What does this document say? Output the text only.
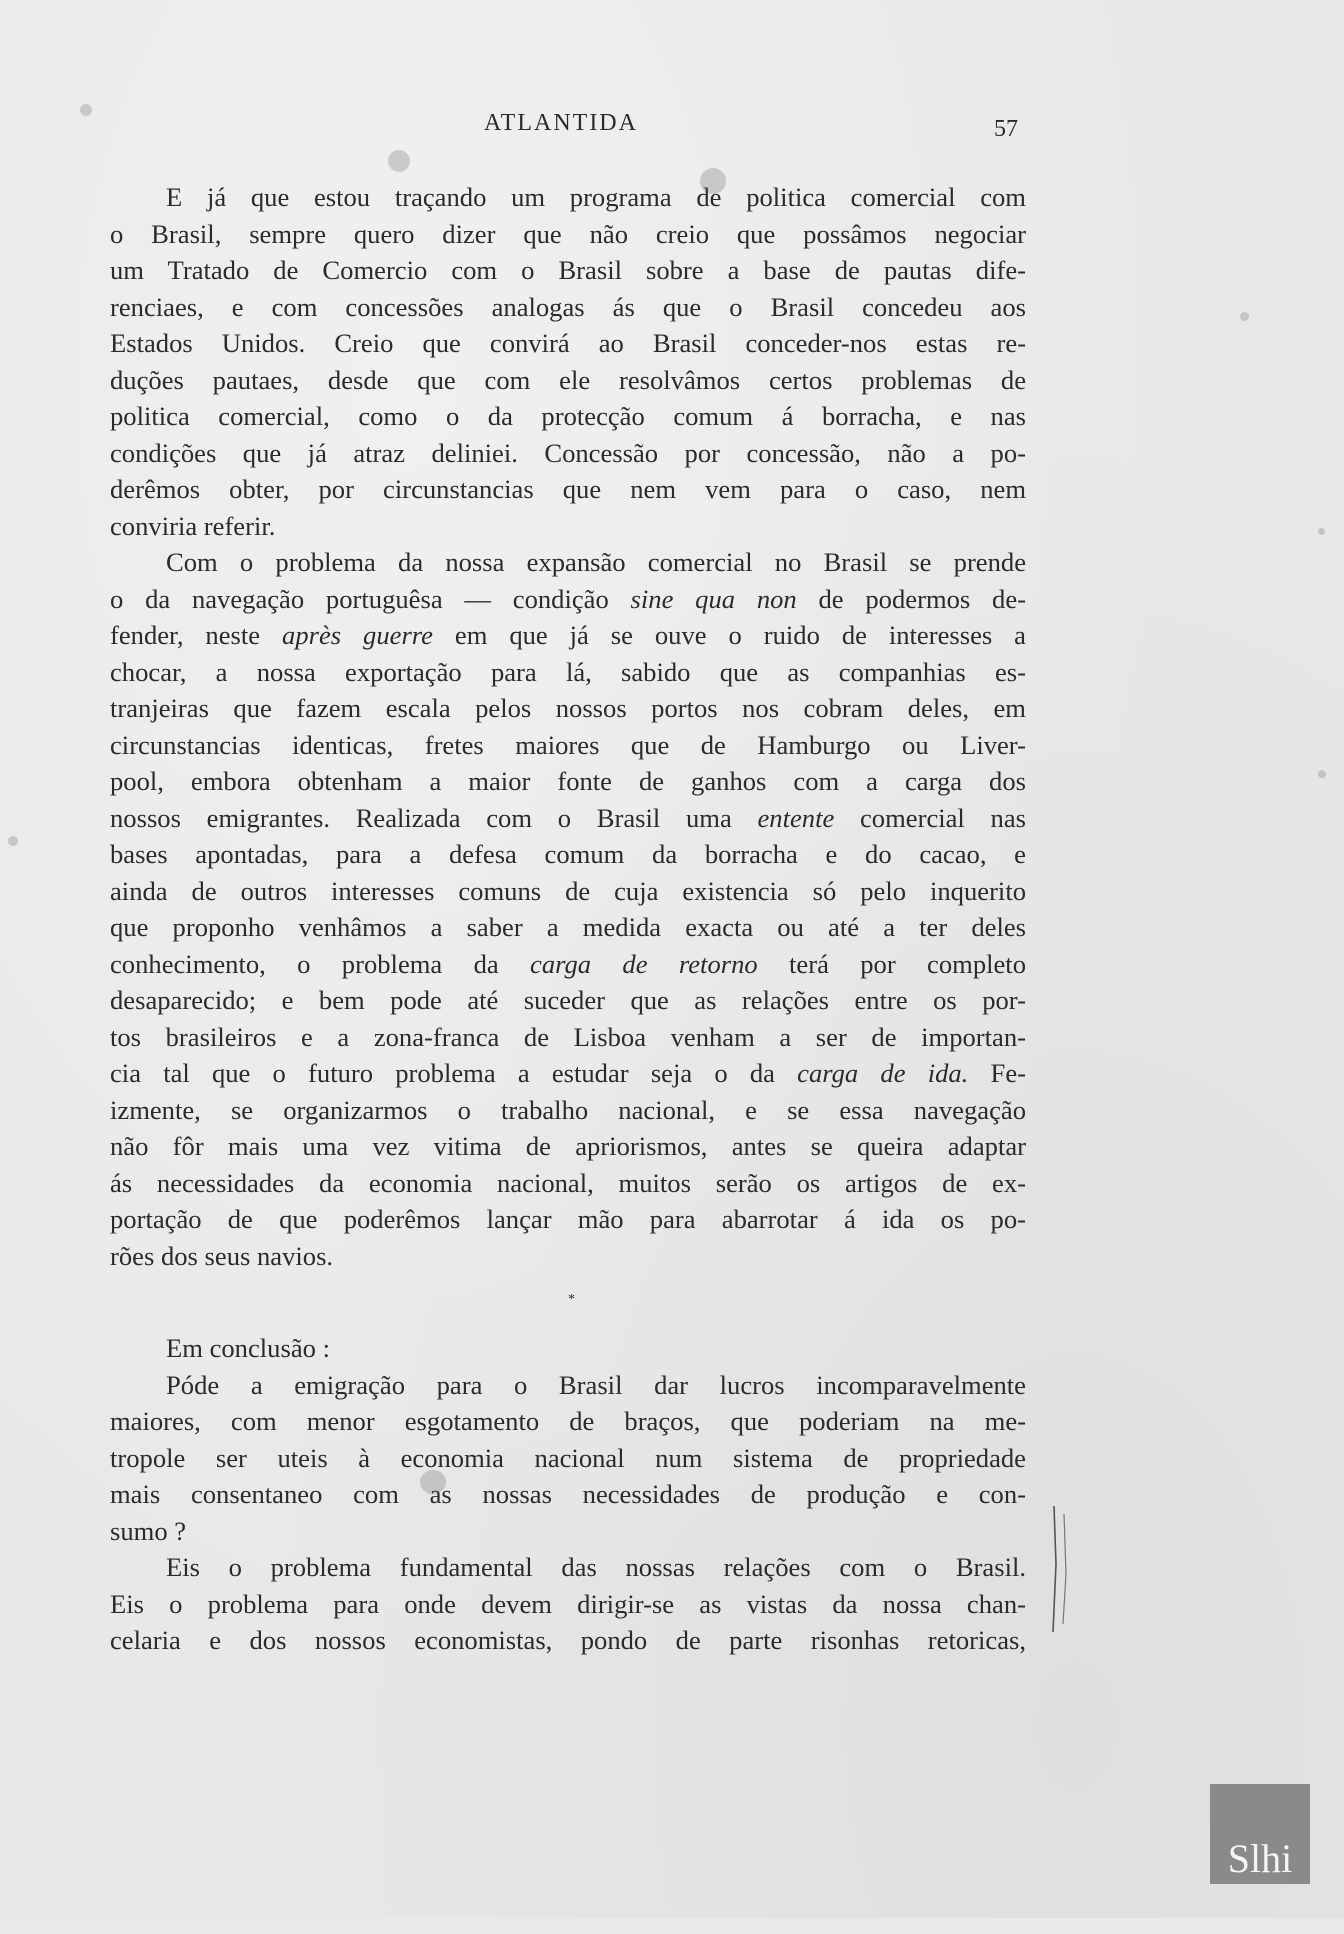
ATLANTIDA	57
E já que estou traçando um programa de politica comercial com
o Brasil, sempre quero dizer que não creio que possâmos negociar
um Tratado de Comercio com o Brasil sobre a base de pautas dife-
renciaes, e com concessões analogas ás que o Brasil concedeu aos
Estados Unidos. Creio que convirá ao Brasil conceder-nos estas re-
duções pautaes, desde que com ele resolvâmos certos problemas de
politica comercial, como o da protecção comum á borracha, e nas
condições que já atraz deliniei. Concessão por concessão, não a po-
derêmos obter, por circunstancias que nem vem para o caso, nem
conviria referir.
Com o problema da nossa expansão comercial no Brasil se prende
o da navegação portuguêsa — condição sine qua non de podermos de-
fender, neste après guerre em que já se ouve o ruido de interesses a
chocar, a nossa exportação para lá, sabido que as companhias es-
tranjeiras que fazem escala pelos nossos portos nos cobram deles, em
circunstancias identicas, fretes maiores que de Hamburgo ou Liver-
pool, embora obtenham a maior fonte de ganhos com a carga dos
nossos emigrantes. Realizada com o Brasil uma entente comercial nas
bases apontadas, para a defesa comum da borracha e do cacao, e
ainda de outros interesses comuns de cuja existencia só pelo inquerito
que proponho venhâmos a saber a medida exacta ou até a ter deles
conhecimento, o problema da carga de retorno terá por completo
desaparecido; e bem pode até suceder que as relações entre os por-
tos brasileiros e a zona-franca de Lisboa venham a ser de importan-
cia tal que o futuro problema a estudar seja o da carga de ida. Fe-
izmente, se organizarmos o trabalho nacional, e se essa navegação
não fôr mais uma vez vitima de apriorismos, antes se queira adaptar
ás necessidades da economia nacional, muitos serão os artigos de ex-
portação de que poderêmos lançar mão para abarrotar á ida os po-
rões dos seus navios.
*
Em conclusão :
Póde a emigração para o Brasil dar lucros incomparavelmente
maiores, com menor esgotamento de braços, que poderiam na me-
tropole ser uteis à economia nacional num sistema de propriedade
mais consentaneo com as nossas necessidades de produção e con-
sumo ?
Eis o problema fundamental das nossas relações com o Brasil.
Eis o problema para onde devem dirigir-se as vistas da nossa chan-
celaria e dos nossos economistas, pondo de parte risonhas retoricas,
Slhi
